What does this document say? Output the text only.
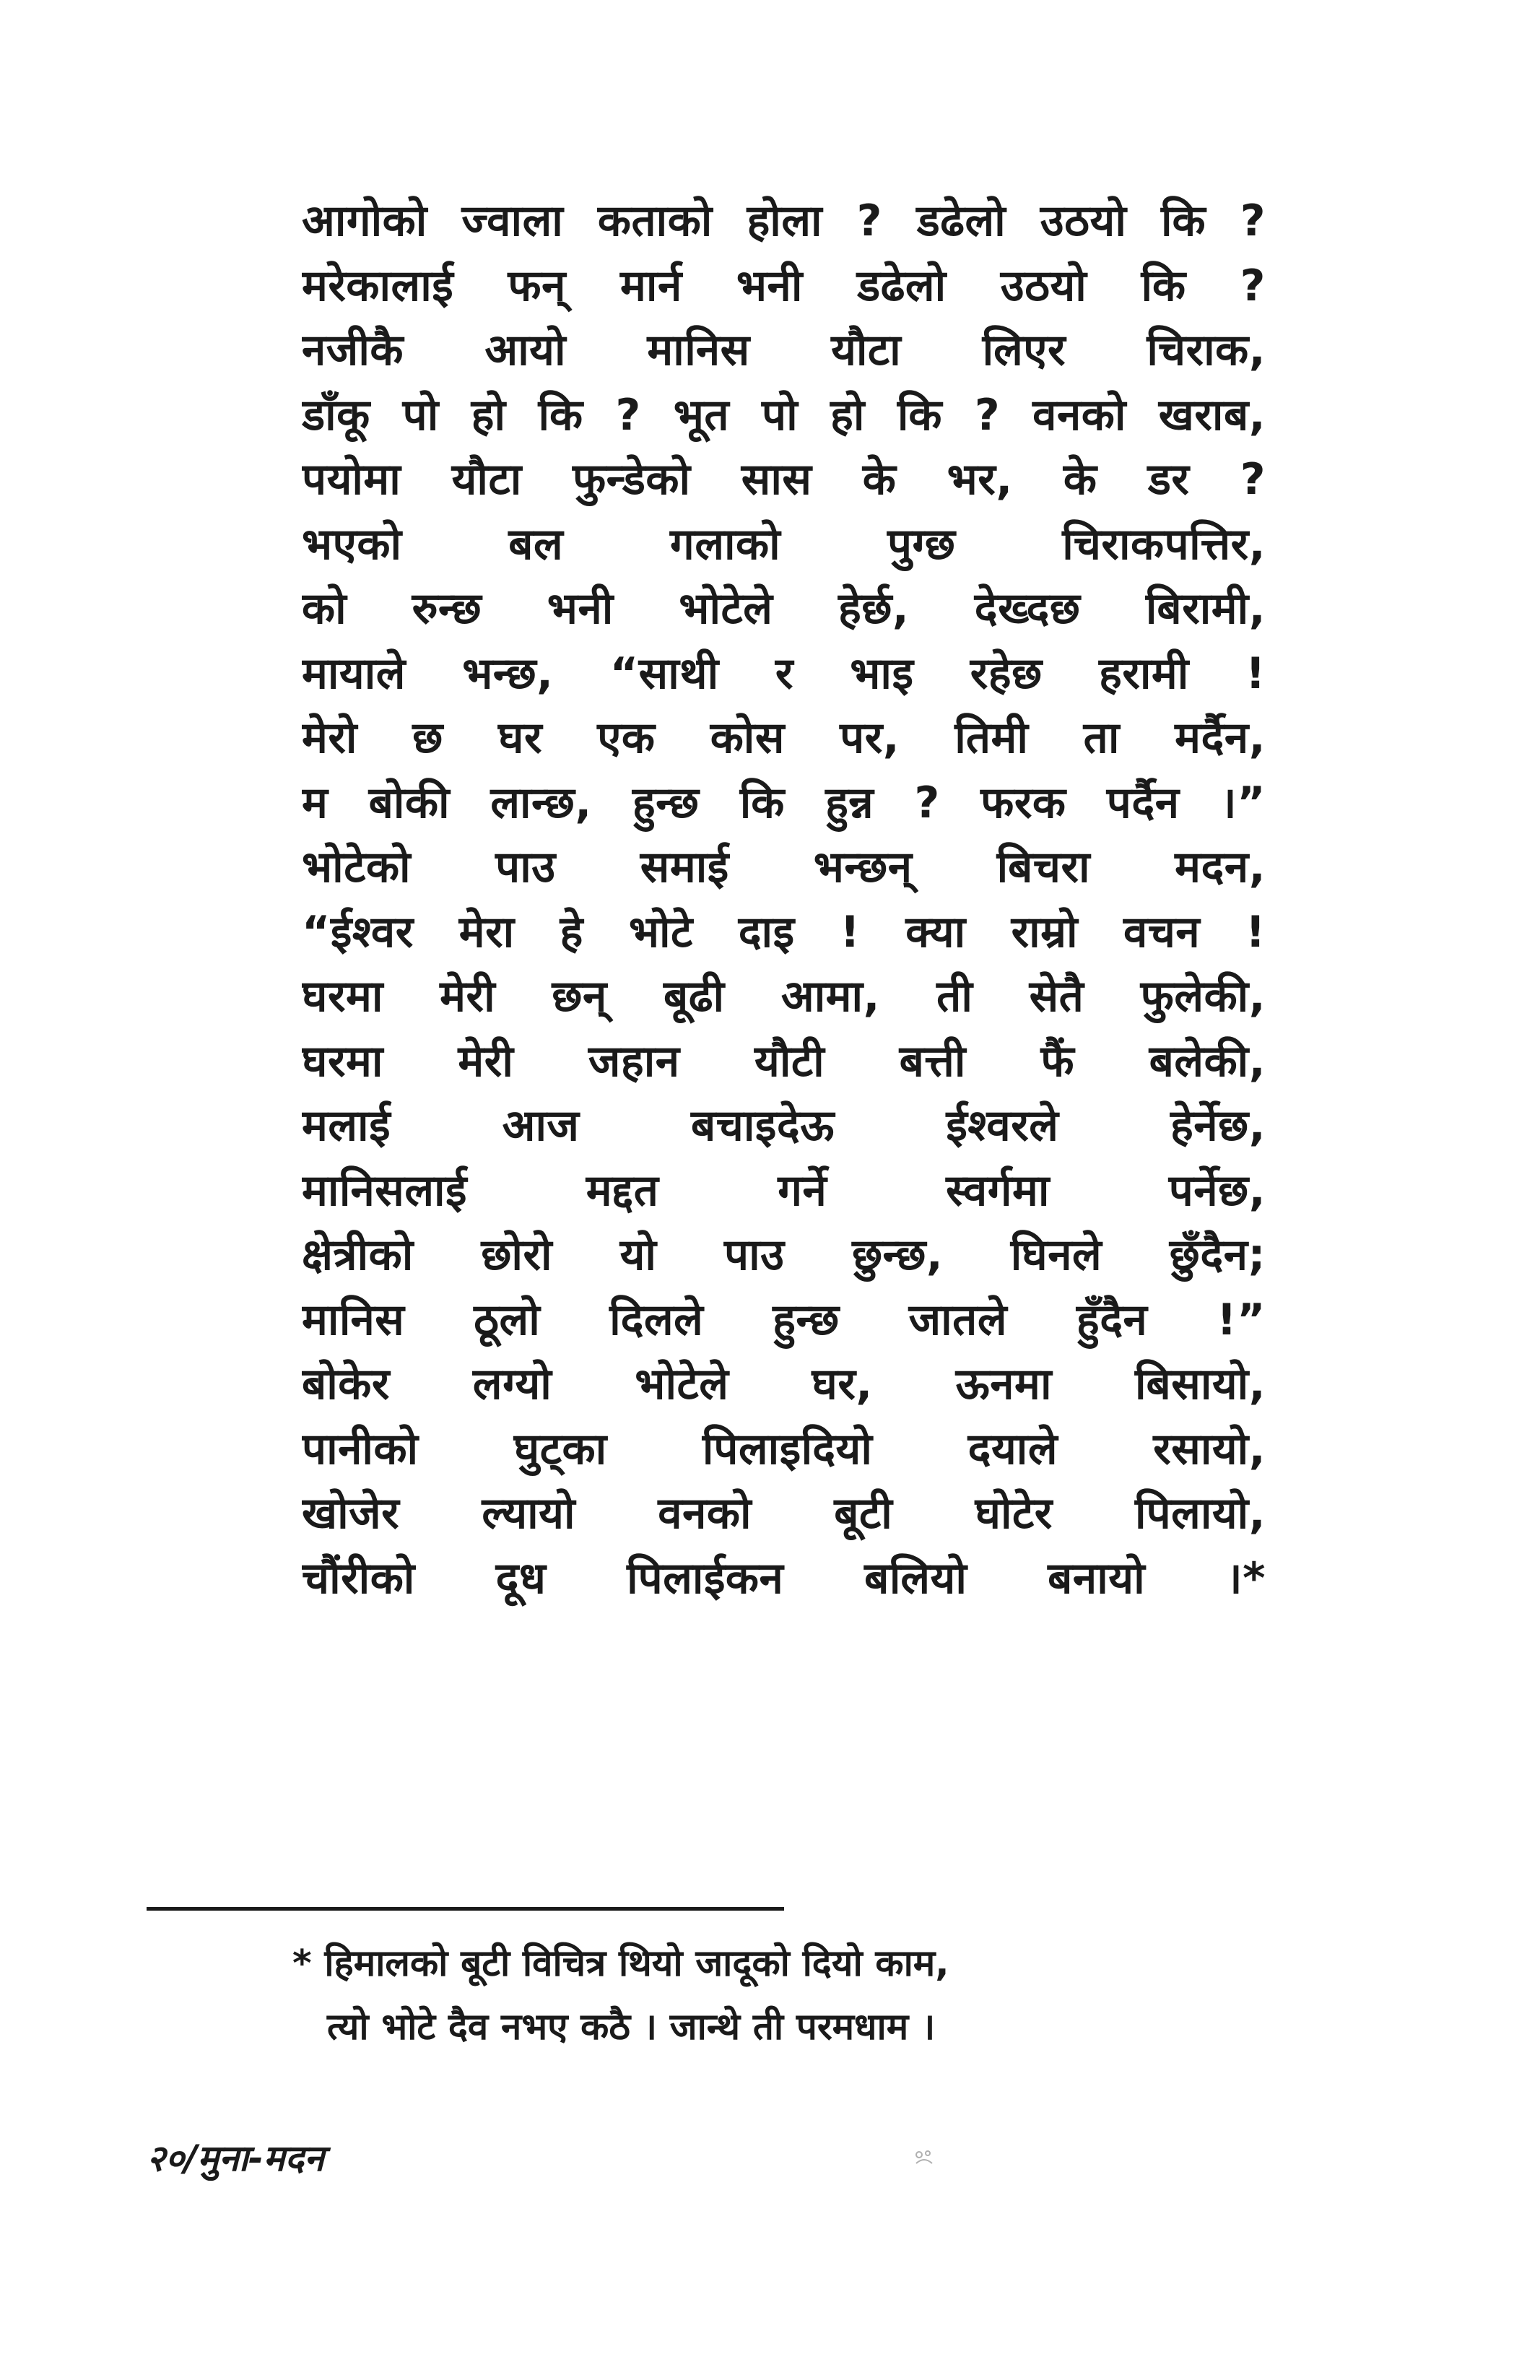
आगोको ज्वाला कताको होला ? डढेलो उठयो कि ?
मरेकालाई फन् मार्न भनी डढेलो उठयो कि ?
नजीकै आयो मानिस यौटा लिएर चिराक,
डाँकू पो हो कि ? भूत पो हो कि ? वनको खराब,
पयोमा यौटा फुन्डेको सास के भर, के डर ?
भएको बल गलाको पुग्छ चिराकपत्तिर,
को रुन्छ भनी भोटेले हेर्छ, देख्दछ बिरामी,
मायाले भन्छ, “साथी र भाइ रहेछ हरामी !
मेरो छ घर एक कोस पर, तिमी ता मर्दैन,
म बोकी लान्छ, हुन्छ कि हुन्न ? फरक पर्दैन ।”
भोटेको पाउ समाई भन्छन् बिचरा मदन,
“ईश्वर मेरा हे भोटे दाइ ! क्या राम्रो वचन !
घरमा मेरी छन् बूढी आमा, ती सेतै फुलेकी,
घरमा मेरी जहान यौटी बत्ती फैं बलेकी,
मलाई आज बचाइदेऊ ईश्वरले हेर्नेछ,
मानिसलाई मद्दत गर्ने स्वर्गमा पर्नेछ,
क्षेत्रीको छोरो यो पाउ छुन्छ, घिनले छुँदैन;
मानिस ठूलो दिलले हुन्छ जातले हुँदैन !”
बोकेर लग्यो भोटेले घर, ऊनमा बिसायो,
पानीको घुट्का पिलाइदियो दयाले रसायो,
खोजेर ल्यायो वनको बूटी घोटेर पिलायो,
चौंरीको दूध पिलाईकन बलियो बनायो ।*
* हिमालको बूटी विचित्र थियो जादूको दियो काम,
त्यो भोटे दैव नभए कठै । जान्थे ती परमधाम ।
२०/मुना-मदन
